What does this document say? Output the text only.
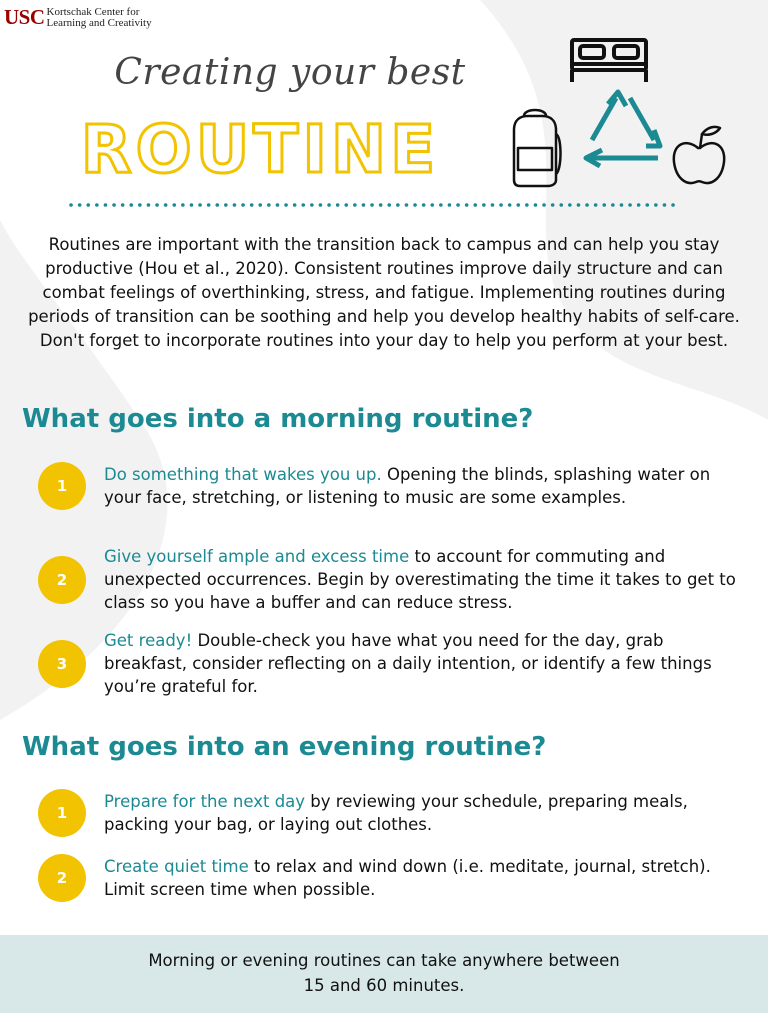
USC Kortschak Center for
Learning and Creativity
Creating your best
ROUTINE
Routines are important with the transition back to campus and can help you stay productive (Hou et al., 2020). Consistent routines improve daily structure and can combat feelings of overthinking, stress, and fatigue. Implementing routines during periods of transition can be soothing and help you develop healthy habits of self-care. Don't forget to incorporate routines into your day to help you perform at your best.
What goes into a morning routine?
1
Do something that wakes you up. Opening the blinds, splashing water on your face, stretching, or listening to music are some examples.
2
Give yourself ample and excess time to account for commuting and unexpected occurrences. Begin by overestimating the time it takes to get to class so you have a buffer and can reduce stress.
3
Get ready! Double-check you have what you need for the day, grab breakfast, consider reflecting on a daily intention, or identify a few things you’re grateful for.
What goes into an evening routine?
1
Prepare for the next day by reviewing your schedule, preparing meals, packing your bag, or laying out clothes.
2
Create quiet time to relax and wind down (i.e. meditate, journal, stretch). Limit screen time when possible.
Morning or evening routines can take anywhere between
15 and 60 minutes.
